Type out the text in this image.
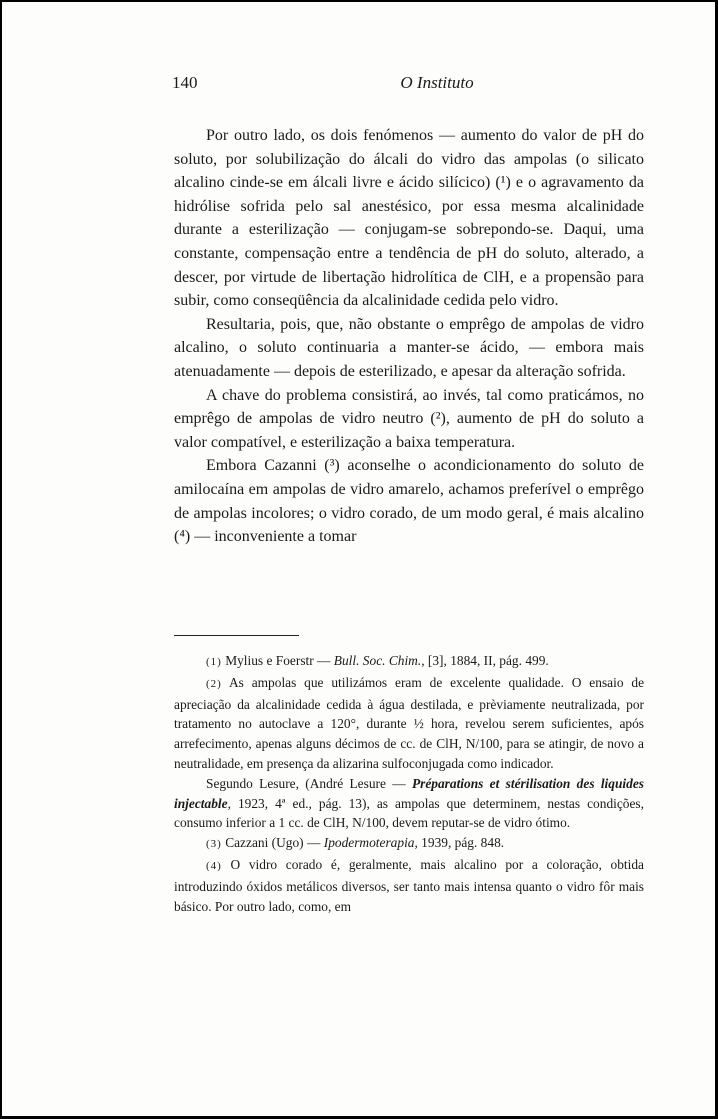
140	O Instituto

Por outro lado, os dois fenómenos — aumento do valor de pH do soluto, por solubilização do álcali do vidro das ampolas (o silicato alcalino cinde-se em álcali livre e ácido silícico) (¹) e o agravamento da hidrólise sofrida pelo sal anestésico, por essa mesma alcalinidade durante a esterilização — conjugam-se sobrepondo-se. Daqui, uma constante, compensação entre a tendência de pH do soluto, alterado, a descer, por virtude de libertação hidrolítica de ClH, e a propensão para subir, como conseqüência da alcalinidade cedida pelo vidro.

Resultaria, pois, que, não obstante o emprêgo de ampolas de vidro alcalino, o soluto continuaria a manter-se ácido, — embora mais atenuadamente — depois de esterilizado, e apesar da alteração sofrida.

A chave do problema consistirá, ao invés, tal como praticámos, no emprêgo de ampolas de vidro neutro (²), aumento de pH do soluto a valor compatível, e esterilização a baixa temperatura.

Embora Cazanni (³) aconselhe o acondicionamento do soluto de amilocaína em ampolas de vidro amarelo, achamos preferível o emprêgo de ampolas incolores; o vidro corado, de um modo geral, é mais alcalino (⁴) — inconveniente a tomar

(1) Mylius e Foerstr — Bull. Soc. Chim., [3], 1884, II, pág. 499.

(2) As ampolas que utilizámos eram de excelente qualidade. O ensaio de apreciação da alcalinidade cedida à água destilada, e prèviamente neutralizada, por tratamento no autoclave a 120°, durante ½ hora, revelou serem suficientes, após arrefecimento, apenas alguns décimos de cc. de ClH, N/100, para se atingir, de novo a neutralidade, em presença da alizarina sulfoconjugada como indicador.

Segundo Lesure, (André Lesure — Préparations et stérilisation des liquides injectable, 1923, 4ª ed., pág. 13), as ampolas que determinem, nestas condições, consumo inferior a 1 cc. de ClH, N/100, devem reputar-se de vidro ótimo.

(3) Cazzani (Ugo) — Ipodermoterapia, 1939, pág. 848.

(4) O vidro corado é, geralmente, mais alcalino por a coloração, obtida introduzindo óxidos metálicos diversos, ser tanto mais intensa quanto o vidro fôr mais básico. Por outro lado, como, em
